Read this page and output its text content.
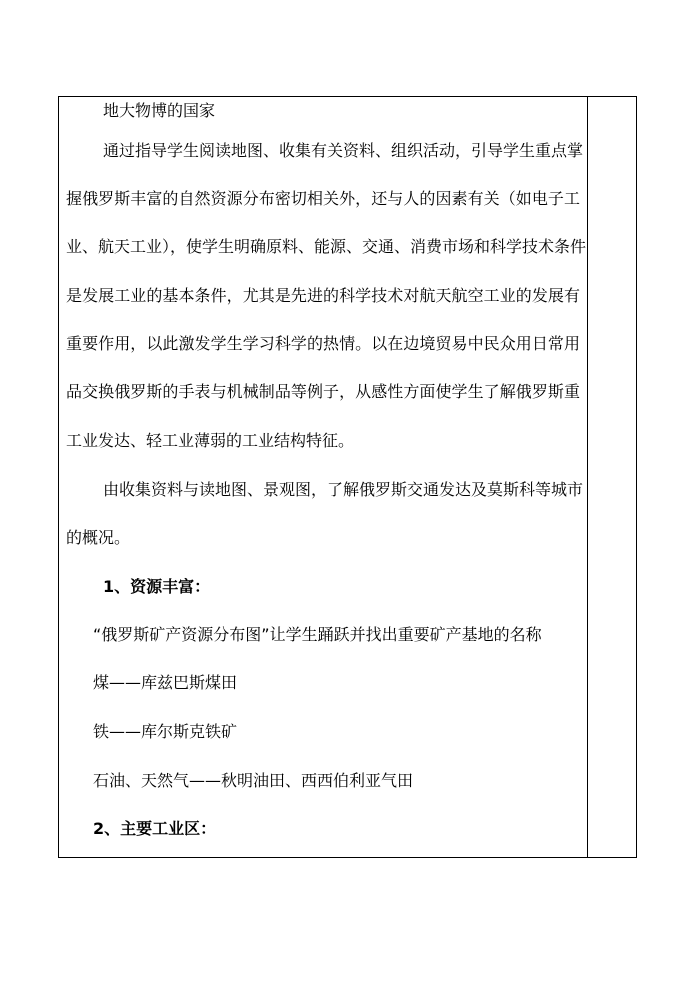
地大物博的国家
通过指导学生阅读地图、收集有关资料、组织活动，引导学生重点掌
握俄罗斯丰富的自然资源分布密切相关外，还与人的因素有关（如电子工
业、航天工业），使学生明确原料、能源、交通、消费市场和科学技术条件
是发展工业的基本条件，尤其是先进的科学技术对航天航空工业的发展有
重要作用，以此激发学生学习科学的热情。以在边境贸易中民众用日常用
品交换俄罗斯的手表与机械制品等例子，从感性方面使学生了解俄罗斯重
工业发达、轻工业薄弱的工业结构特征。
由收集资料与读地图、景观图，了解俄罗斯交通发达及莫斯科等城市
的概况。
1、资源丰富：
“俄罗斯矿产资源分布图”让学生踊跃并找出重要矿产基地的名称
煤——库兹巴斯煤田
铁——库尔斯克铁矿
石油、天然气——秋明油田、西西伯利亚气田
2、主要工业区：
